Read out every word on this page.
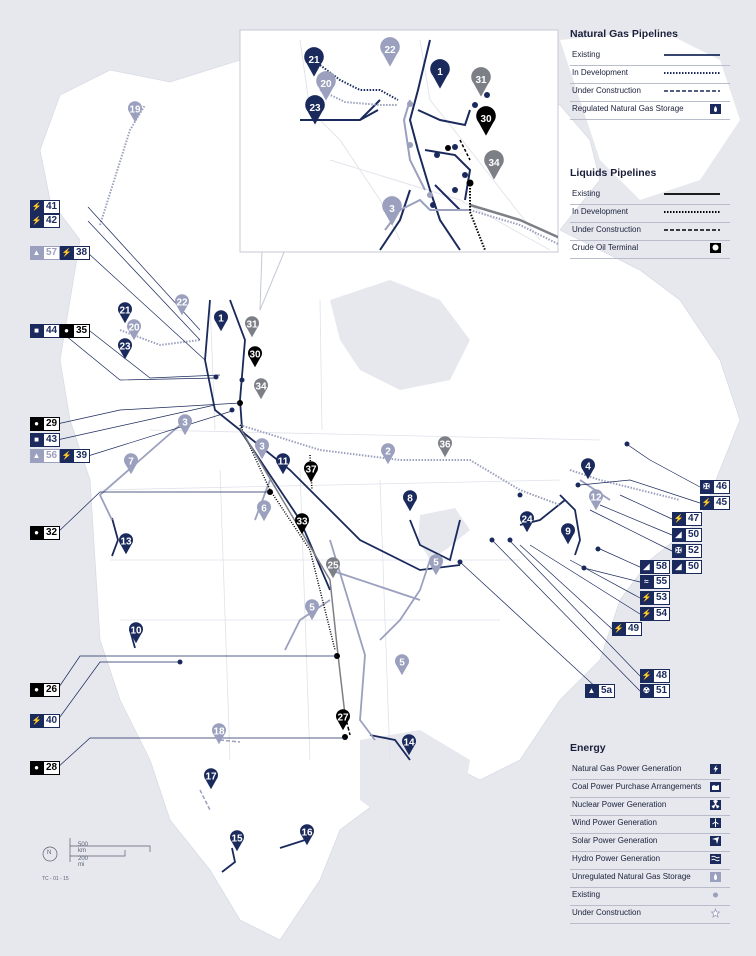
1
2
3
3
4
5
5
5
6
7
8
9
10
11
12
13
14
15
16
17
18
19
20
21
22
23
24
25
27
30
31
33
34
36
37
1
3
20
21
22
23
30
31
34
Natural Gas Pipelines
Existing
In Development
Under Construction
Regulated Natural Gas Storage
Liquids Pipelines
Existing
In Development
Under Construction
Crude Oil Terminal
Energy
Natural Gas Power Generation
Coal Power Purchase Arrangements
Nuclear Power Generation
Wind Power Generation
Solar Power Generation
Hydro Power Generation
Unregulated Natural Gas Storage
Existing
Under Construction
⚡ 41
⚡ 42
▲ 57 ⚡ 38
■ 44 ● 35
● 29
■ 43
▲ 56 ⚡ 39
● 32
● 26
⚡ 40
● 28
✠ 46
⚡ 45
⚡ 47
◢ 50
✠ 52
◢ 58
≈ 55
◢ 50
⚡ 53
⚡ 54
⚡ 49
⚡ 48
☢ 51
▲ 5a
500 km
200 mi
N
TC - 01 - 15
